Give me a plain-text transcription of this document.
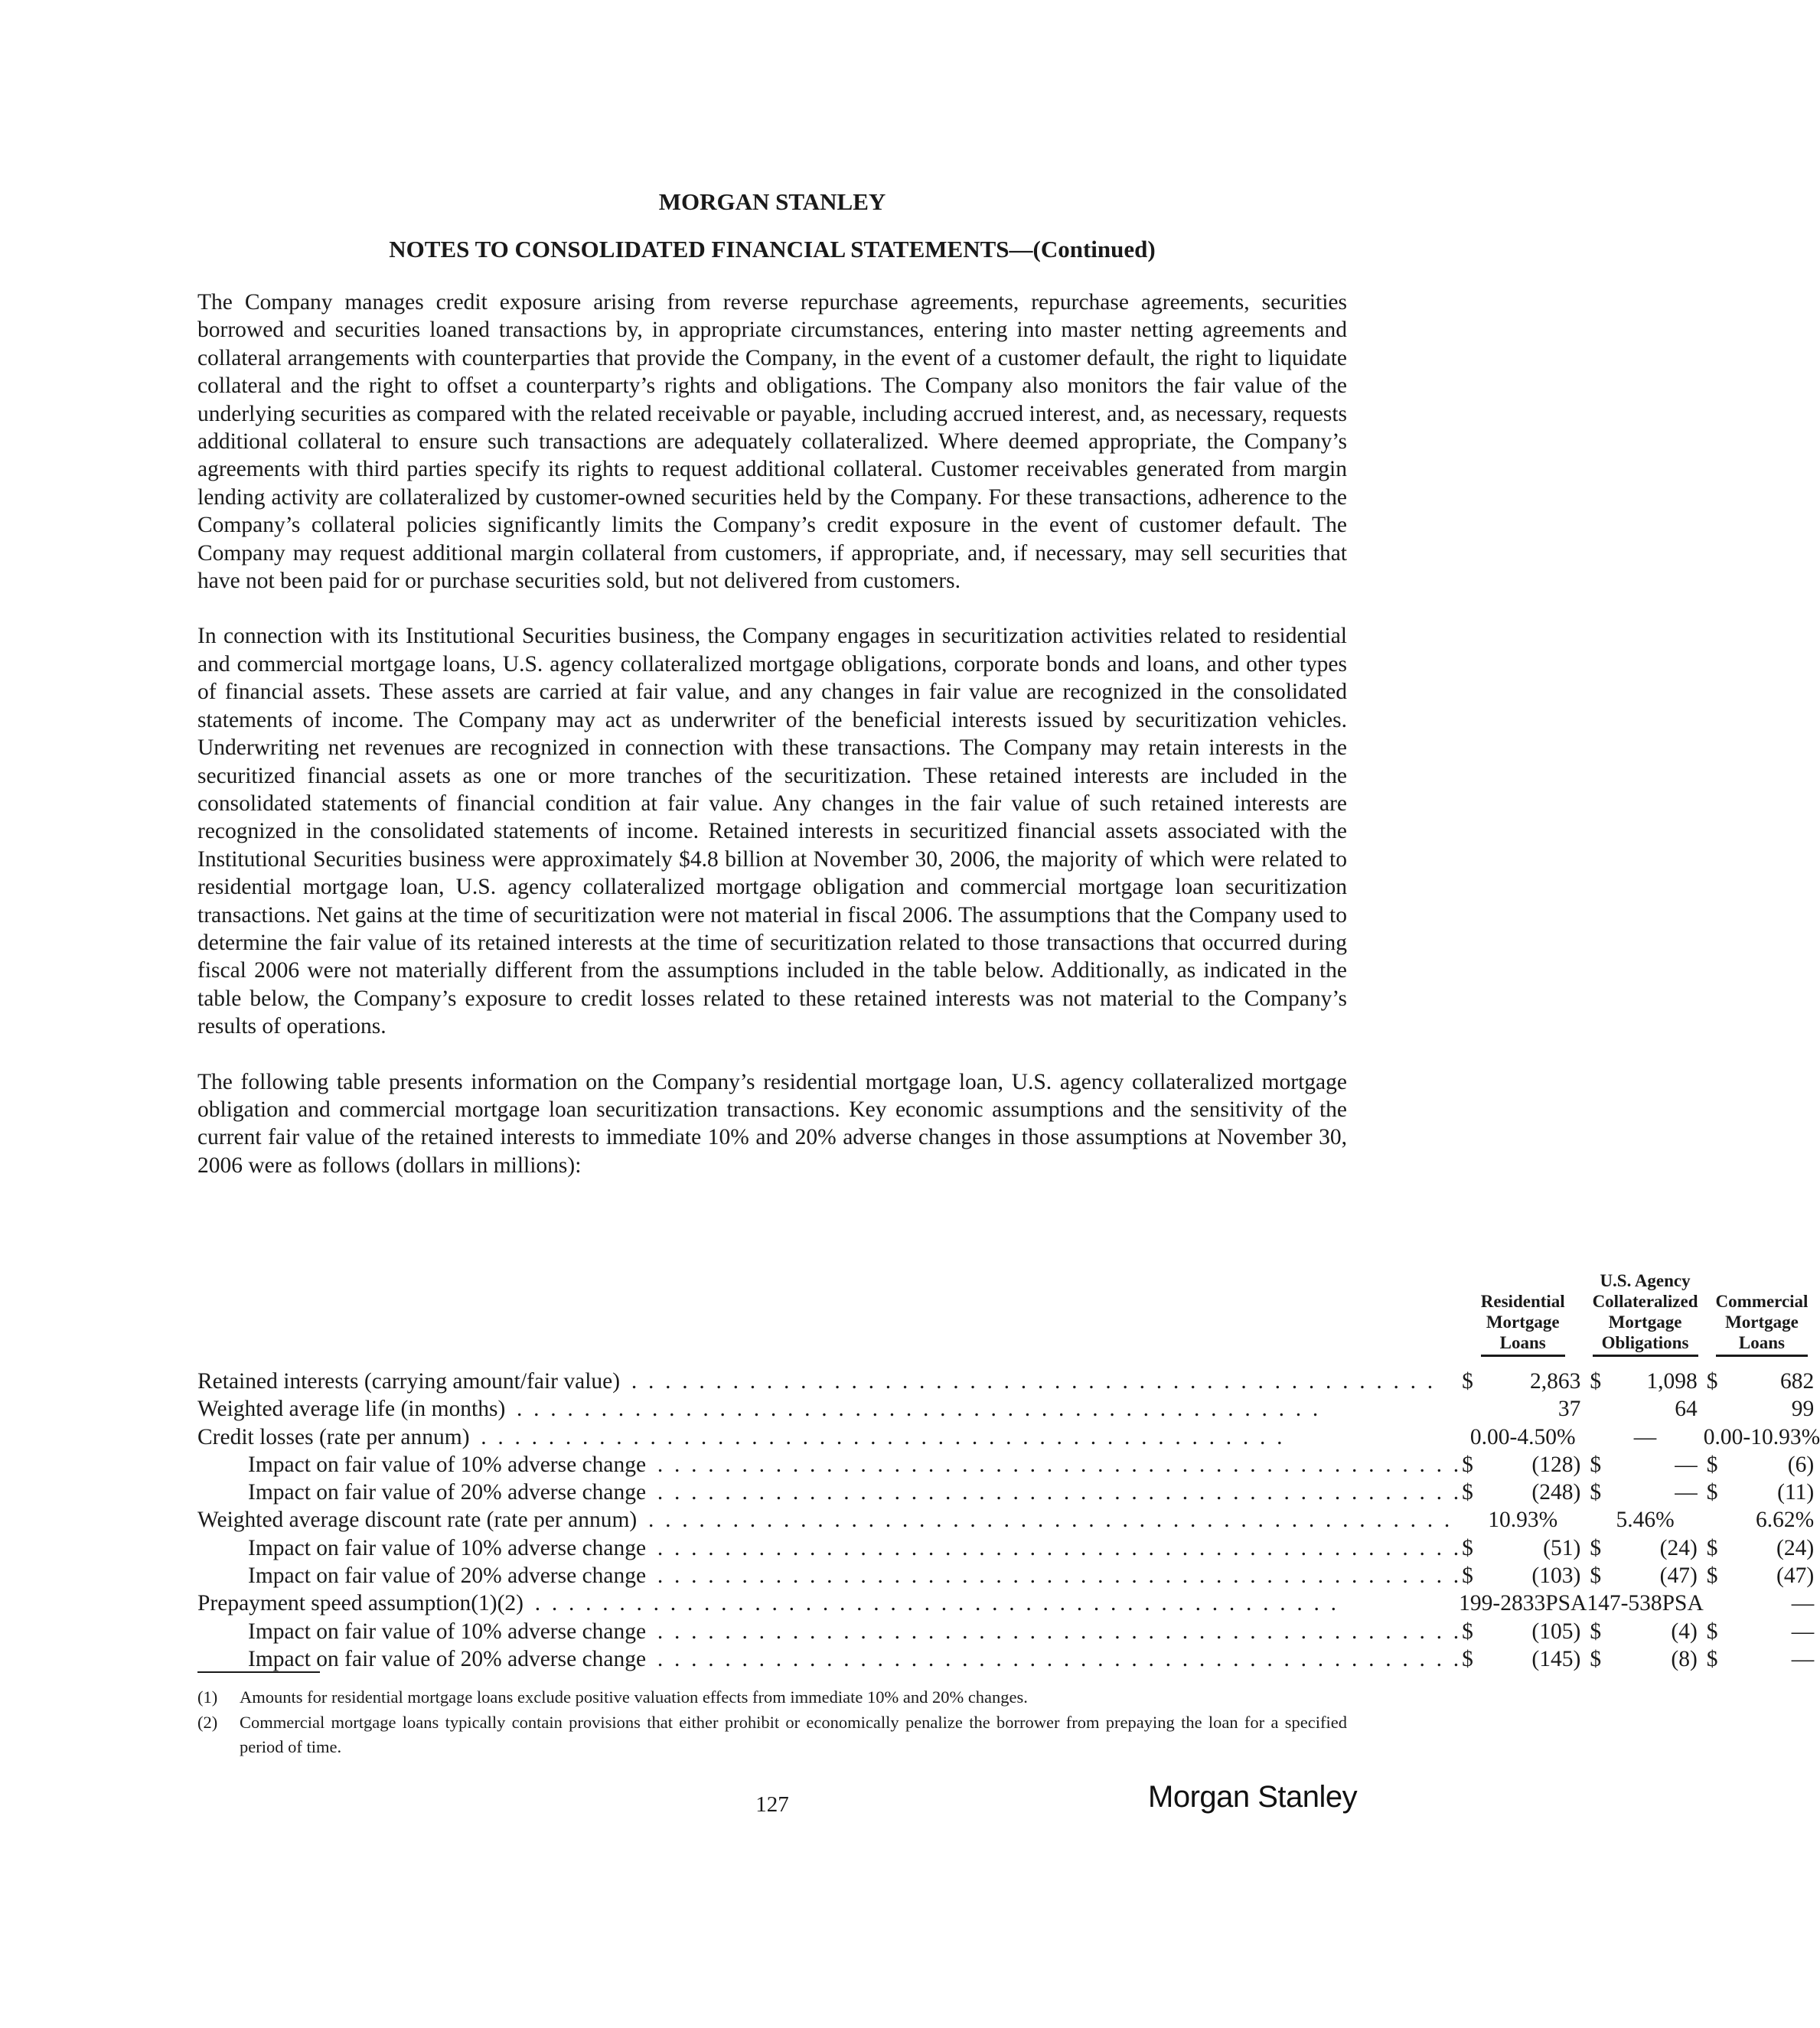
MORGAN STANLEY
NOTES TO CONSOLIDATED FINANCIAL STATEMENTS—(Continued)

The Company manages credit exposure arising from reverse repurchase agreements, repurchase agreements, securities borrowed and securities loaned transactions by, in appropriate circumstances, entering into master netting agreements and collateral arrangements with counterparties that provide the Company, in the event of a customer default, the right to liquidate collateral and the right to offset a counterparty’s rights and obligations. The Company also monitors the fair value of the underlying securities as compared with the related receivable or payable, including accrued interest, and, as necessary, requests additional collateral to ensure such transactions are adequately collateralized. Where deemed appropriate, the Company’s agreements with third parties specify its rights to request additional collateral. Customer receivables generated from margin lending activity are collateralized by customer-owned securities held by the Company. For these transactions, adherence to the Company’s collateral policies significantly limits the Company’s credit exposure in the event of customer default. The Company may request additional margin collateral from customers, if appropriate, and, if necessary, may sell securities that have not been paid for or purchase securities sold, but not delivered from customers.

In connection with its Institutional Securities business, the Company engages in securitization activities related to residential and commercial mortgage loans, U.S. agency collateralized mortgage obligations, corporate bonds and loans, and other types of financial assets. These assets are carried at fair value, and any changes in fair value are recognized in the consolidated statements of income. The Company may act as underwriter of the beneficial interests issued by securitization vehicles. Underwriting net revenues are recognized in connection with these transactions. The Company may retain interests in the securitized financial assets as one or more tranches of the securitization. These retained interests are included in the consolidated statements of financial condition at fair value. Any changes in the fair value of such retained interests are recognized in the consolidated statements of income. Retained interests in securitized financial assets associated with the Institutional Securities business were approximately $4.8 billion at November 30, 2006, the majority of which were related to residential mortgage loan, U.S. agency collateralized mortgage obligation and commercial mortgage loan securitization transactions. Net gains at the time of securitization were not material in fiscal 2006. The assumptions that the Company used to determine the fair value of its retained interests at the time of securitization related to those transactions that occurred during fiscal 2006 were not materially different from the assumptions included in the table below. Additionally, as indicated in the table below, the Company’s exposure to credit losses related to these retained interests was not material to the Company’s results of operations.

The following table presents information on the Company’s residential mortgage loan, U.S. agency collateralized mortgage obligation and commercial mortgage loan securitization transactions. Key economic assumptions and the sensitivity of the current fair value of the retained interests to immediate 10% and 20% adverse changes in those assumptions at November 30, 2006 were as follows (dollars in millions):

	Residential
Mortgage
Loans		U.S. Agency
Collateralized
Mortgage
Obligations		Commercial
Mortgage
Loans	

Retained interests (carrying amount/fair value) . .	$	2,863		$	1,098		$	682
Weighted average life (in months) . .		37			64			99
Credit losses (rate per annum) . .	0.00-4.50%		—		0.00-10.93%	
Impact on fair value of 10% adverse change . .	$	(128)		$	—		$	(6)
Impact on fair value of 20% adverse change . .	$	(248)		$	—		$	(11)
Weighted average discount rate (rate per annum) . .	10.93%		5.46%			6.62%
Impact on fair value of 10% adverse change . .	$	(51)		$	(24)		$	(24)
Impact on fair value of 20% adverse change . .	$	(103)		$	(47)		$	(47)
Prepayment speed assumption(1)(2) . .	199-2833PSA		147-538PSA			—
Impact on fair value of 10% adverse change . .	$	(105)		$	(4)		$	—
Impact on fair value of 20% adverse change . .	$	(145)		$	(8)		$	—

(1) Amounts for residential mortgage loans exclude positive valuation effects from immediate 10% and 20% changes.

(2) Commercial mortgage loans typically contain provisions that either prohibit or economically penalize the borrower from prepaying the loan for a specified period of time.

127	Morgan Stanley
